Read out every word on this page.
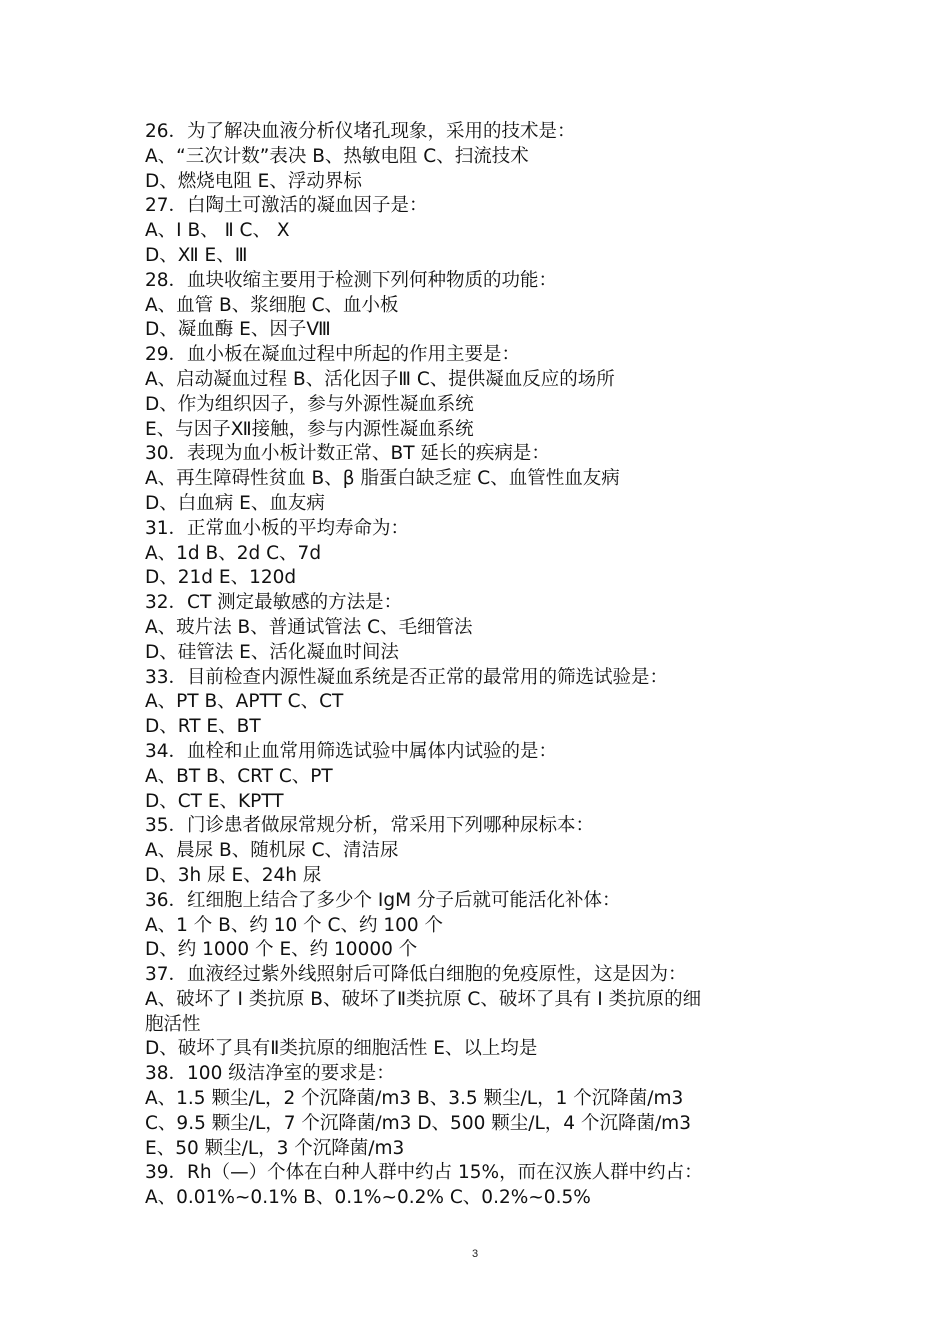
26．为了解决血液分析仪堵孔现象，采用的技术是：
A、“三次计数”表决 B、热敏电阻 C、扫流技术
D、燃烧电阻 E、浮动界标
27．白陶土可激活的凝血因子是：
A、I B、 Ⅱ C、 Ⅹ
D、Ⅻ E、Ⅲ
28．血块收缩主要用于检测下列何种物质的功能：
A、血管 B、浆细胞 C、血小板
D、凝血酶 E、因子Ⅷ
29．血小板在凝血过程中所起的作用主要是：
A、启动凝血过程 B、活化因子Ⅲ C、提供凝血反应的场所
D、作为组织因子，参与外源性凝血系统
E、与因子Ⅻ接触，参与内源性凝血系统
30．表现为血小板计数正常、BT 延长的疾病是：
A、再生障碍性贫血 B、β 脂蛋白缺乏症 C、血管性血友病
D、白血病 E、血友病
31．正常血小板的平均寿命为：
A、1d B、2d C、7d
D、21d E、120d
32．CT 测定最敏感的方法是：
A、玻片法 B、普通试管法 C、毛细管法
D、硅管法 E、活化凝血时间法
33．目前检查内源性凝血系统是否正常的最常用的筛选试验是：
A、PT B、APTT C、CT
D、RT E、BT
34．血栓和止血常用筛选试验中属体内试验的是：
A、BT B、CRT C、PT
D、CT E、KPTT
35．门诊患者做尿常规分析，常采用下列哪种尿标本：
A、晨尿 B、随机尿 C、清洁尿
D、3h 尿 E、24h 尿
36．红细胞上结合了多少个 IgM 分子后就可能活化补体：
A、1 个 B、约 10 个 C、约 100 个
D、约 1000 个 E、约 10000 个
37．血液经过紫外线照射后可降低白细胞的免疫原性，这是因为：
A、破坏了 I 类抗原 B、破坏了Ⅱ类抗原 C、破坏了具有 I 类抗原的细
胞活性
D、破坏了具有Ⅱ类抗原的细胞活性 E、以上均是
38．100 级洁净室的要求是：
A、1.5 颗尘/L，2 个沉降菌/m3 B、3.5 颗尘/L，1 个沉降菌/m3
C、9.5 颗尘/L，7 个沉降菌/m3 D、500 颗尘/L，4 个沉降菌/m3
E、50 颗尘/L，3 个沉降菌/m3
39．Rh（—）个体在白种人群中约占 15%，而在汉族人群中约占：
A、0.01%~0.1% B、0.1%~0.2% C、0.2%~0.5%
3
